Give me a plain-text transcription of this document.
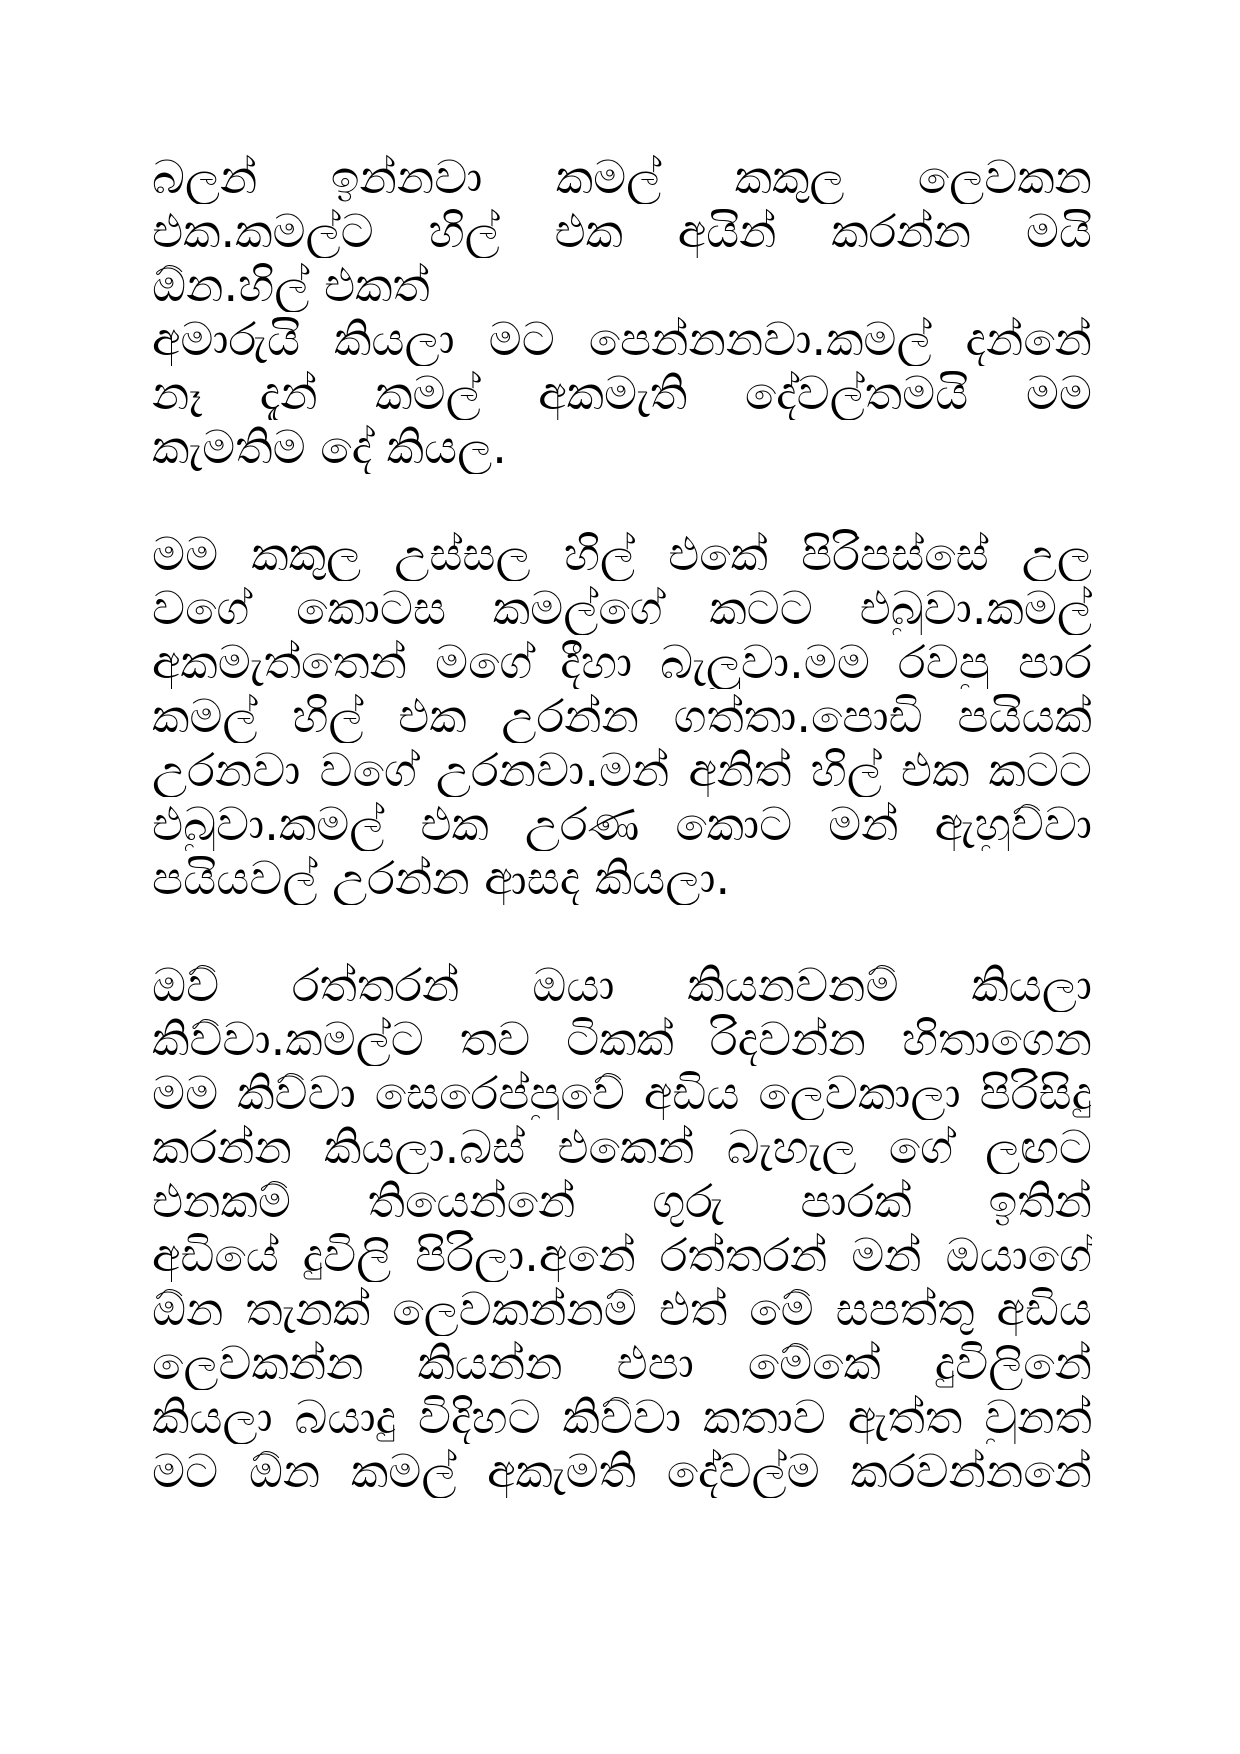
බලන් ඉන්නවා කමල් කකුල ලෙවකන
එක.කමල්ට හිල් එක අයින් කරන්න මයි
ඕන.හිල් එකත්
අමාරුයි කියලා මට පෙන්නනවා.කමල් දන්නේ
නෑ දැන් කමල් අකමැති දේවල්තමයි මම
කැමතිම දේ කියල.
මම කකුල උස්සල හිල් එකේ පිරිපස්සේ උල
වගේ කොටස කමල්ගේ කටට එබුවා.කමල්
අකමැත්තෙන් මගේ දීහා බැලුවා.මම රවපු පාර
කමල් හිල් එක උරන්න ගත්තා.පොඩි පයියක්
උරනවා වගේ උරනවා.මන් අනිත් හිල් එක කටට
එබුවා.කමල් එක උරණ කොට මන් ඇහුව්වා
පයියවල් උරන්න ආසද කියලා.
ඔව් රත්තරන් ඔයා කියනවනම් කියලා
කිව්වා.කමල්ට තව ටිකක් රිදවන්න හිතාගෙන
මම කිව්වා සෙරෙප්පුවේ අඩිය ලෙවකාලා පිරිසිදු
කරන්න කියලා.බස් එකෙන් බැහැල ගේ ලඟට
එනකම් තියෙන්නේ ගුරු පාරක් ඉතින්
අඩියේ දුවිලි පිරිලා.අනේ රත්තරන් මන් ඔයාගේ
ඕන තැනක් ලෙවකන්නම් එත් මේ සපත්තු අඩිය
ලෙවකන්න කියන්න එපා මේකේ දුවිලිනේ
කියලා බයාදු විදිහට කිව්වා කතාව ඇත්ත වුනත්
මට ඕන කමල් අකැමති දේවල්ම කරවන්නනේ
